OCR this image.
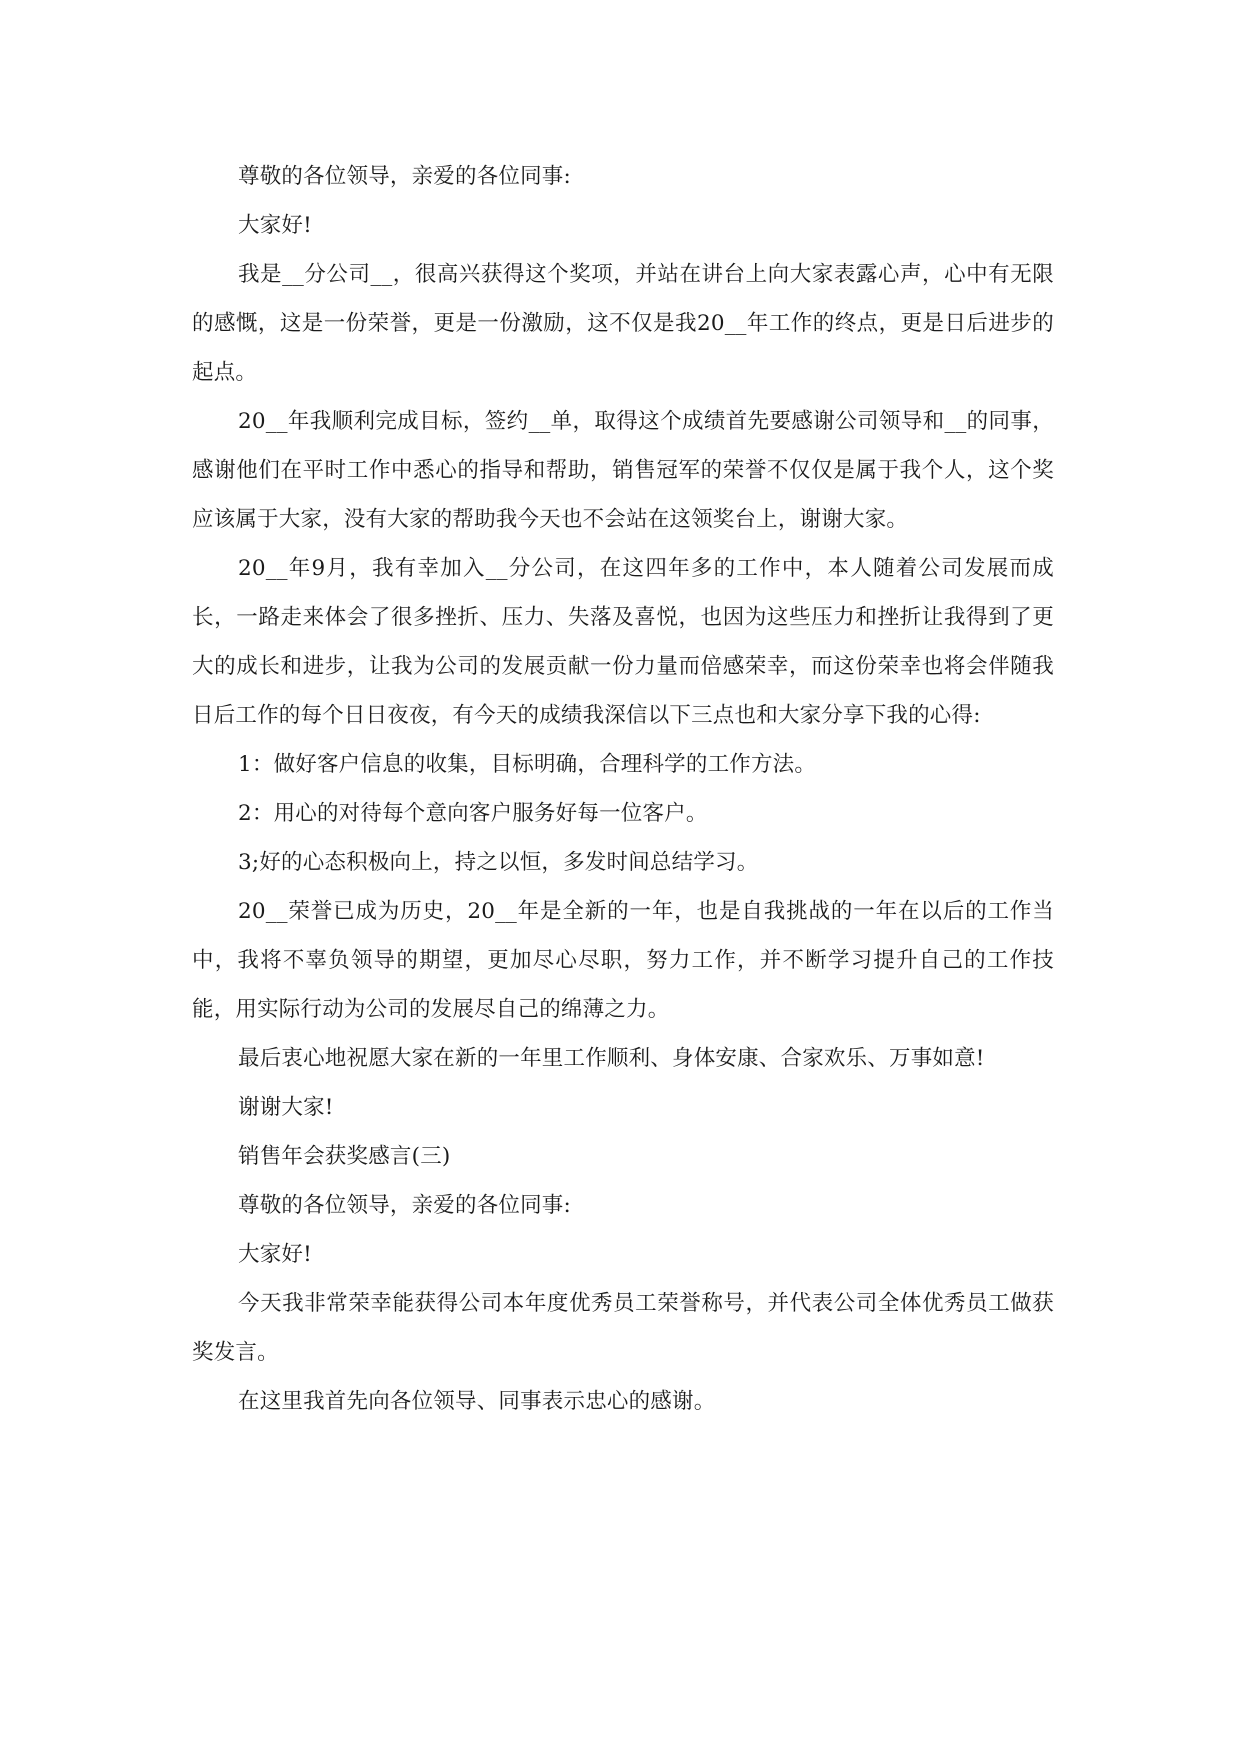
尊敬的各位领导，亲爱的各位同事:

大家好!

我是__分公司__，很高兴获得这个奖项，并站在讲台上向大家表露心声，心中有无限的感慨，这是一份荣誉，更是一份激励，这不仅是我20__年工作的终点，更是日后进步的起点。

20__年我顺利完成目标，签约__单，取得这个成绩首先要感谢公司领导和__的同事，感谢他们在平时工作中悉心的指导和帮助，销售冠军的荣誉不仅仅是属于我个人，这个奖应该属于大家，没有大家的帮助我今天也不会站在这领奖台上，谢谢大家。

20__年9月，我有幸加入__分公司，在这四年多的工作中，本人随着公司发展而成长，一路走来体会了很多挫折、压力、失落及喜悦，也因为这些压力和挫折让我得到了更大的成长和进步，让我为公司的发展贡献一份力量而倍感荣幸，而这份荣幸也将会伴随我日后工作的每个日日夜夜，有今天的成绩我深信以下三点也和大家分享下我的心得:

1：做好客户信息的收集，目标明确，合理科学的工作方法。

2：用心的对待每个意向客户服务好每一位客户。

3;好的心态积极向上，持之以恒，多发时间总结学习。

20__荣誉已成为历史，20__年是全新的一年，也是自我挑战的一年在以后的工作当中，我将不辜负领导的期望，更加尽心尽职，努力工作，并不断学习提升自己的工作技能，用实际行动为公司的发展尽自己的绵薄之力。

最后衷心地祝愿大家在新的一年里工作顺利、身体安康、合家欢乐、万事如意!

谢谢大家!

销售年会获奖感言(三)

尊敬的各位领导，亲爱的各位同事:

大家好!

今天我非常荣幸能获得公司本年度优秀员工荣誉称号，并代表公司全体优秀员工做获奖发言。

在这里我首先向各位领导、同事表示忠心的感谢。
